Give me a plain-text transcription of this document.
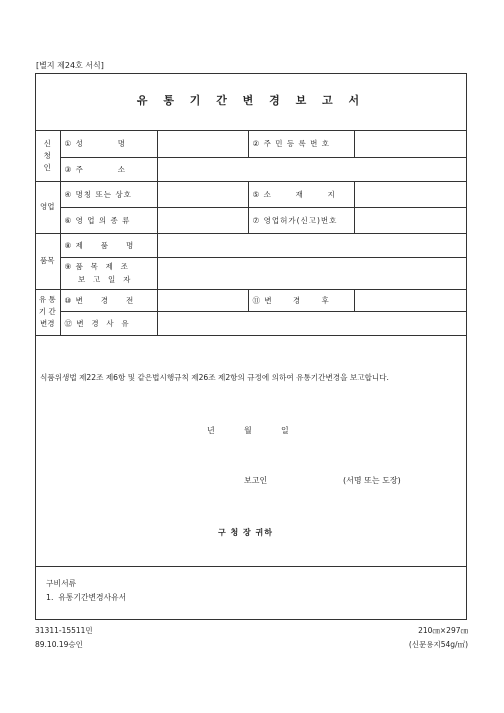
[별지 제24호 서식]
유 통 기 간 변 경 보 고 서
신
청
인	① 성          명		② 주 민 등 록 번 호	
	③ 주          소			
영업	④ 명칭 또는 상호		⑤ 소       재       지	
	⑥ 영 업 의 종 류		⑦ 영업허가(신고)번호	
품목	⑧ 제     품     명			
	⑨ 품  목  제  조
보  고  일  자			
유 통
기 간
변경	⑩ 변     경     전		⑪ 변      경      후	
	⑫ 변  경  사  유			
식품위생법 제22조 제6항 및 같은법시행규칙 제26조 제2항의 규정에 의하여 유통기간변경을 보고합니다.
년      월      일
보고인	(서명 또는 도장)
구 청 장 귀하
구비서류
1.  유통기간변경사유서
31311-15511민
89.10.19승인
210㎝×297㎝
(신문용지54g/㎡)
